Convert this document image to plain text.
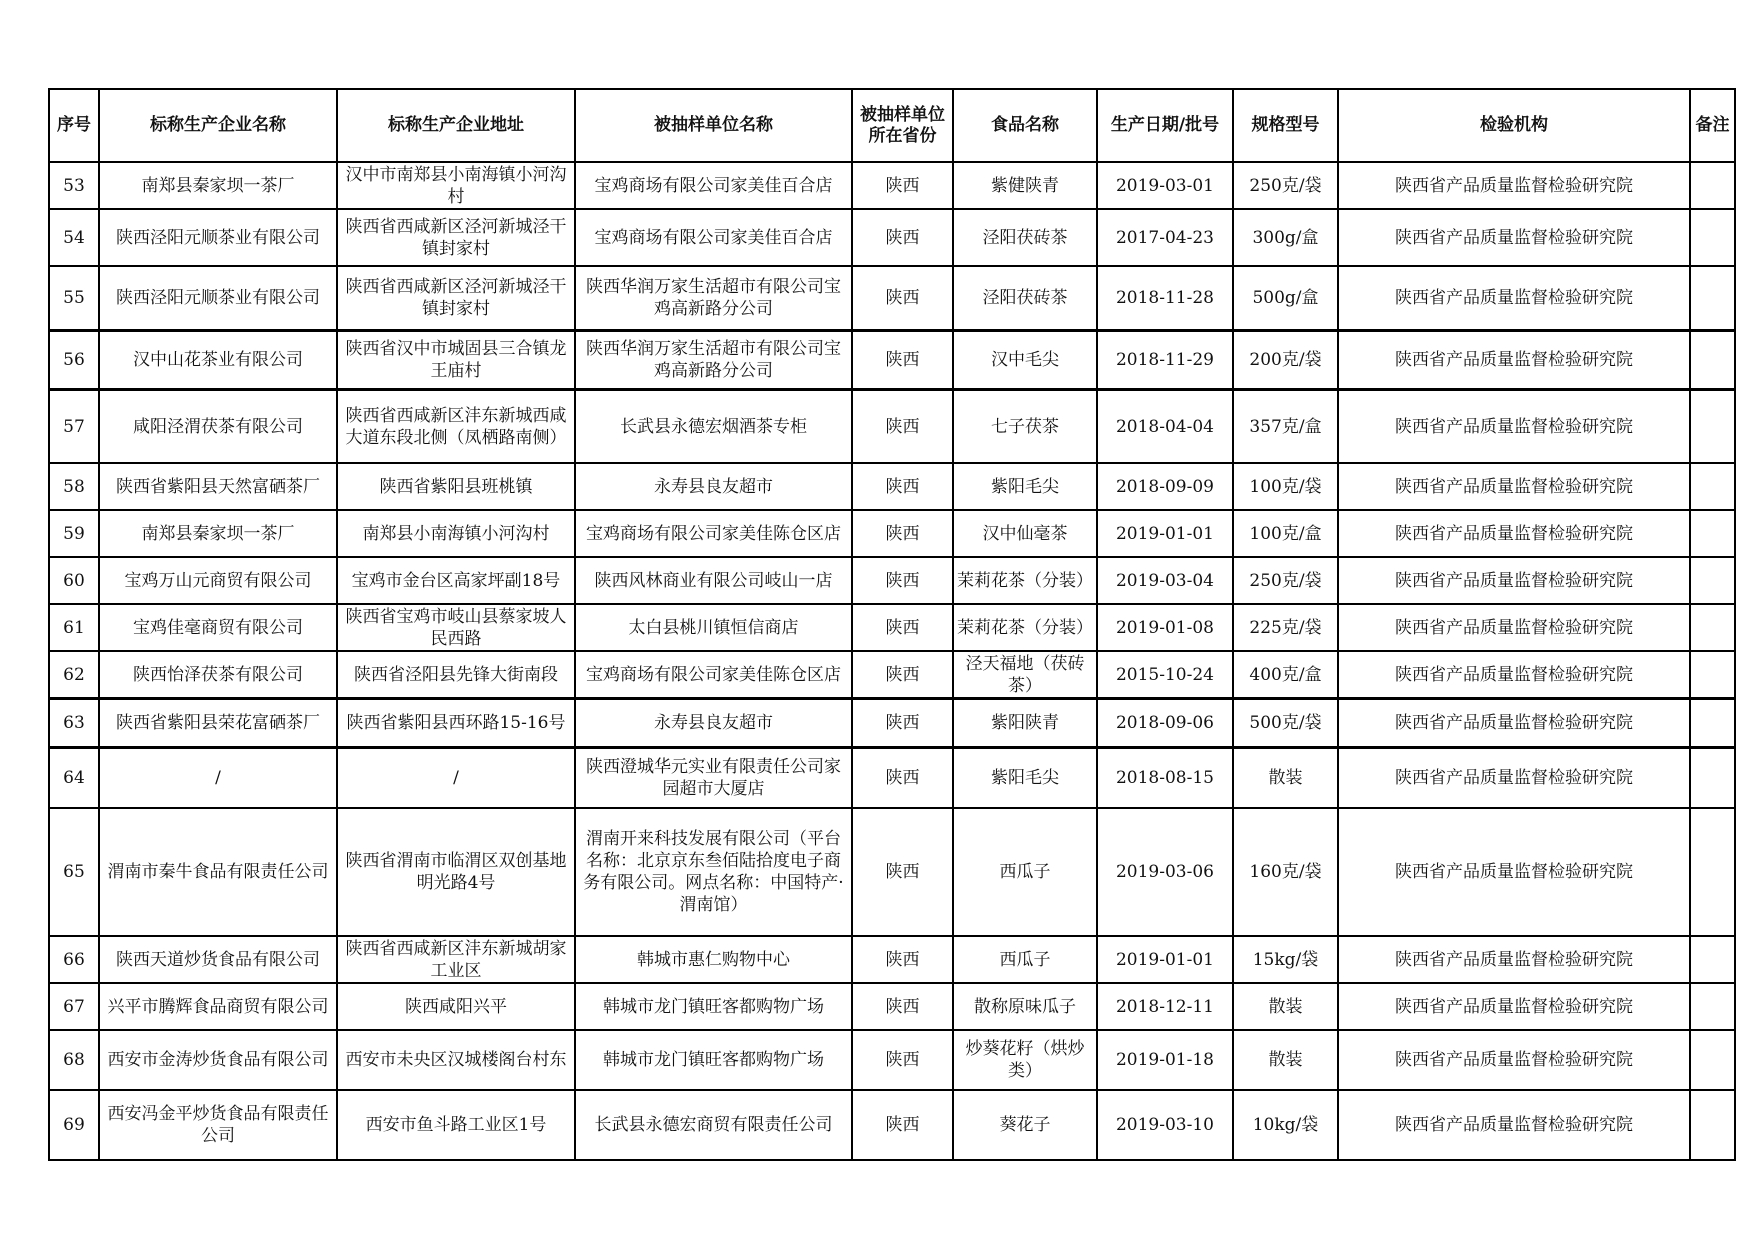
序号	标称生产企业名称	标称生产企业地址	被抽样单位名称	被抽样单位所在省份	食品名称	生产日期/批号	规格型号	检验机构	备注
53	南郑县秦家坝一茶厂	汉中市南郑县小南海镇小河沟村	宝鸡商场有限公司家美佳百合店	陕西	紫健陕青	2019-03-01	250克/袋	陕西省产品质量监督检验研究院	
54	陕西泾阳元顺茶业有限公司	陕西省西咸新区泾河新城泾干镇封家村	宝鸡商场有限公司家美佳百合店	陕西	泾阳茯砖茶	2017-04-23	300g/盒	陕西省产品质量监督检验研究院	
55	陕西泾阳元顺茶业有限公司	陕西省西咸新区泾河新城泾干镇封家村	陕西华润万家生活超市有限公司宝鸡高新路分公司	陕西	泾阳茯砖茶	2018-11-28	500g/盒	陕西省产品质量监督检验研究院	
56	汉中山花茶业有限公司	陕西省汉中市城固县三合镇龙王庙村	陕西华润万家生活超市有限公司宝鸡高新路分公司	陕西	汉中毛尖	2018-11-29	200克/袋	陕西省产品质量监督检验研究院	
57	咸阳泾渭茯茶有限公司	陕西省西咸新区沣东新城西咸大道东段北侧（凤栖路南侧）	长武县永德宏烟酒茶专柜	陕西	七子茯茶	2018-04-04	357克/盒	陕西省产品质量监督检验研究院	
58	陕西省紫阳县天然富硒茶厂	陕西省紫阳县班桃镇	永寿县良友超市	陕西	紫阳毛尖	2018-09-09	100克/袋	陕西省产品质量监督检验研究院	
59	南郑县秦家坝一茶厂	南郑县小南海镇小河沟村	宝鸡商场有限公司家美佳陈仓区店	陕西	汉中仙毫茶	2019-01-01	100克/盒	陕西省产品质量监督检验研究院	
60	宝鸡万山元商贸有限公司	宝鸡市金台区高家坪副18号	陕西风林商业有限公司岐山一店	陕西	茉莉花茶（分装）	2019-03-04	250克/袋	陕西省产品质量监督检验研究院	
61	宝鸡佳毫商贸有限公司	陕西省宝鸡市岐山县蔡家坡人民西路	太白县桃川镇恒信商店	陕西	茉莉花茶（分装）	2019-01-08	225克/袋	陕西省产品质量监督检验研究院	
62	陕西怡泽茯茶有限公司	陕西省泾阳县先锋大街南段	宝鸡商场有限公司家美佳陈仓区店	陕西	泾天福地（茯砖茶）	2015-10-24	400克/盒	陕西省产品质量监督检验研究院	
63	陕西省紫阳县荣花富硒茶厂	陕西省紫阳县西环路15-16号	永寿县良友超市	陕西	紫阳陕青	2018-09-06	500克/袋	陕西省产品质量监督检验研究院	
64	/	/	陕西澄城华元实业有限责任公司家园超市大厦店	陕西	紫阳毛尖	2018-08-15	散装	陕西省产品质量监督检验研究院	
65	渭南市秦牛食品有限责任公司	陕西省渭南市临渭区双创基地明光路4号	渭南开来科技发展有限公司（平台名称：北京京东叁佰陆拾度电子商务有限公司。网点名称：中国特产·渭南馆）	陕西	西瓜子	2019-03-06	160克/袋	陕西省产品质量监督检验研究院	
66	陕西天道炒货食品有限公司	陕西省西咸新区沣东新城胡家工业区	韩城市惠仁购物中心	陕西	西瓜子	2019-01-01	15kg/袋	陕西省产品质量监督检验研究院	
67	兴平市腾辉食品商贸有限公司	陕西咸阳兴平	韩城市龙门镇旺客都购物广场	陕西	散称原味瓜子	2018-12-11	散装	陕西省产品质量监督检验研究院	
68	西安市金涛炒货食品有限公司	西安市未央区汉城楼阁台村东	韩城市龙门镇旺客都购物广场	陕西	炒葵花籽（烘炒类）	2019-01-18	散装	陕西省产品质量监督检验研究院	
69	西安冯金平炒货食品有限责任公司	西安市鱼斗路工业区1号	长武县永德宏商贸有限责任公司	陕西	葵花子	2019-03-10	10kg/袋	陕西省产品质量监督检验研究院	
